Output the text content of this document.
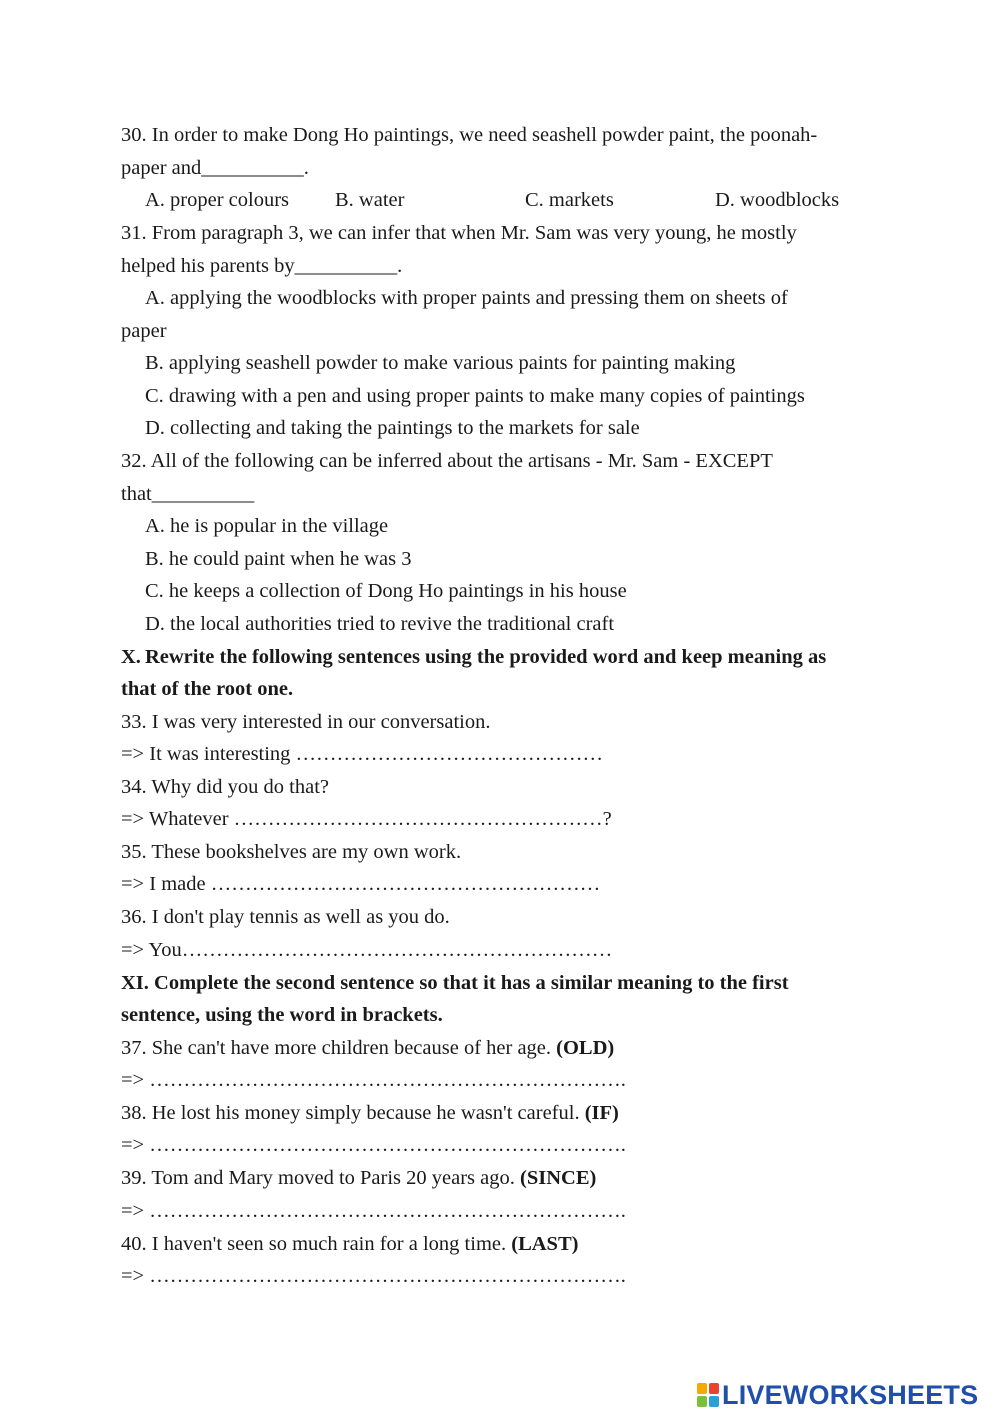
30. In order to make Dong Ho paintings, we need seashell powder paint, the poonah-
paper and__________.
A. proper colours B. water	C. markets	D. woodblocks
31. From paragraph 3, we can infer that when Mr. Sam was very young, he mostly
helped his parents by__________.
A. applying the woodblocks with proper paints and pressing them on sheets of
paper
B. applying seashell powder to make various paints for painting making
C. drawing with a pen and using proper paints to make many copies of paintings
D. collecting and taking the paintings to the markets for sale
32. All of the following can be inferred about the artisans - Mr. Sam - EXCEPT
that__________
A. he is popular in the village
B. he could paint when he was 3
C. he keeps a collection of Dong Ho paintings in his house
D. the local authorities tried to revive the traditional craft
X. Rewrite the following sentences using the provided word and keep meaning as
that of the root one.
33. I was very interested in our conversation.
=> It was interesting ………………………………………
34. Why did you do that?
=> Whatever ………………………………………………?
35. These bookshelves are my own work.
=> I made …………………………………………………
36. I don't play tennis as well as you do.
=> You………………………………………………………
XI. Complete the second sentence so that it has a similar meaning to the first
sentence, using the word in brackets.
37. She can't have more children because of her age. (OLD)
=> …………………………………………………………….
38. He lost his money simply because he wasn't careful. (IF)
=> …………………………………………………………….
39. Tom and Mary moved to Paris 20 years ago. (SINCE)
=> …………………………………………………………….
40. I haven't seen so much rain for a long time. (LAST)
=> …………………………………………………………….
LIVEWORKSHEETS
